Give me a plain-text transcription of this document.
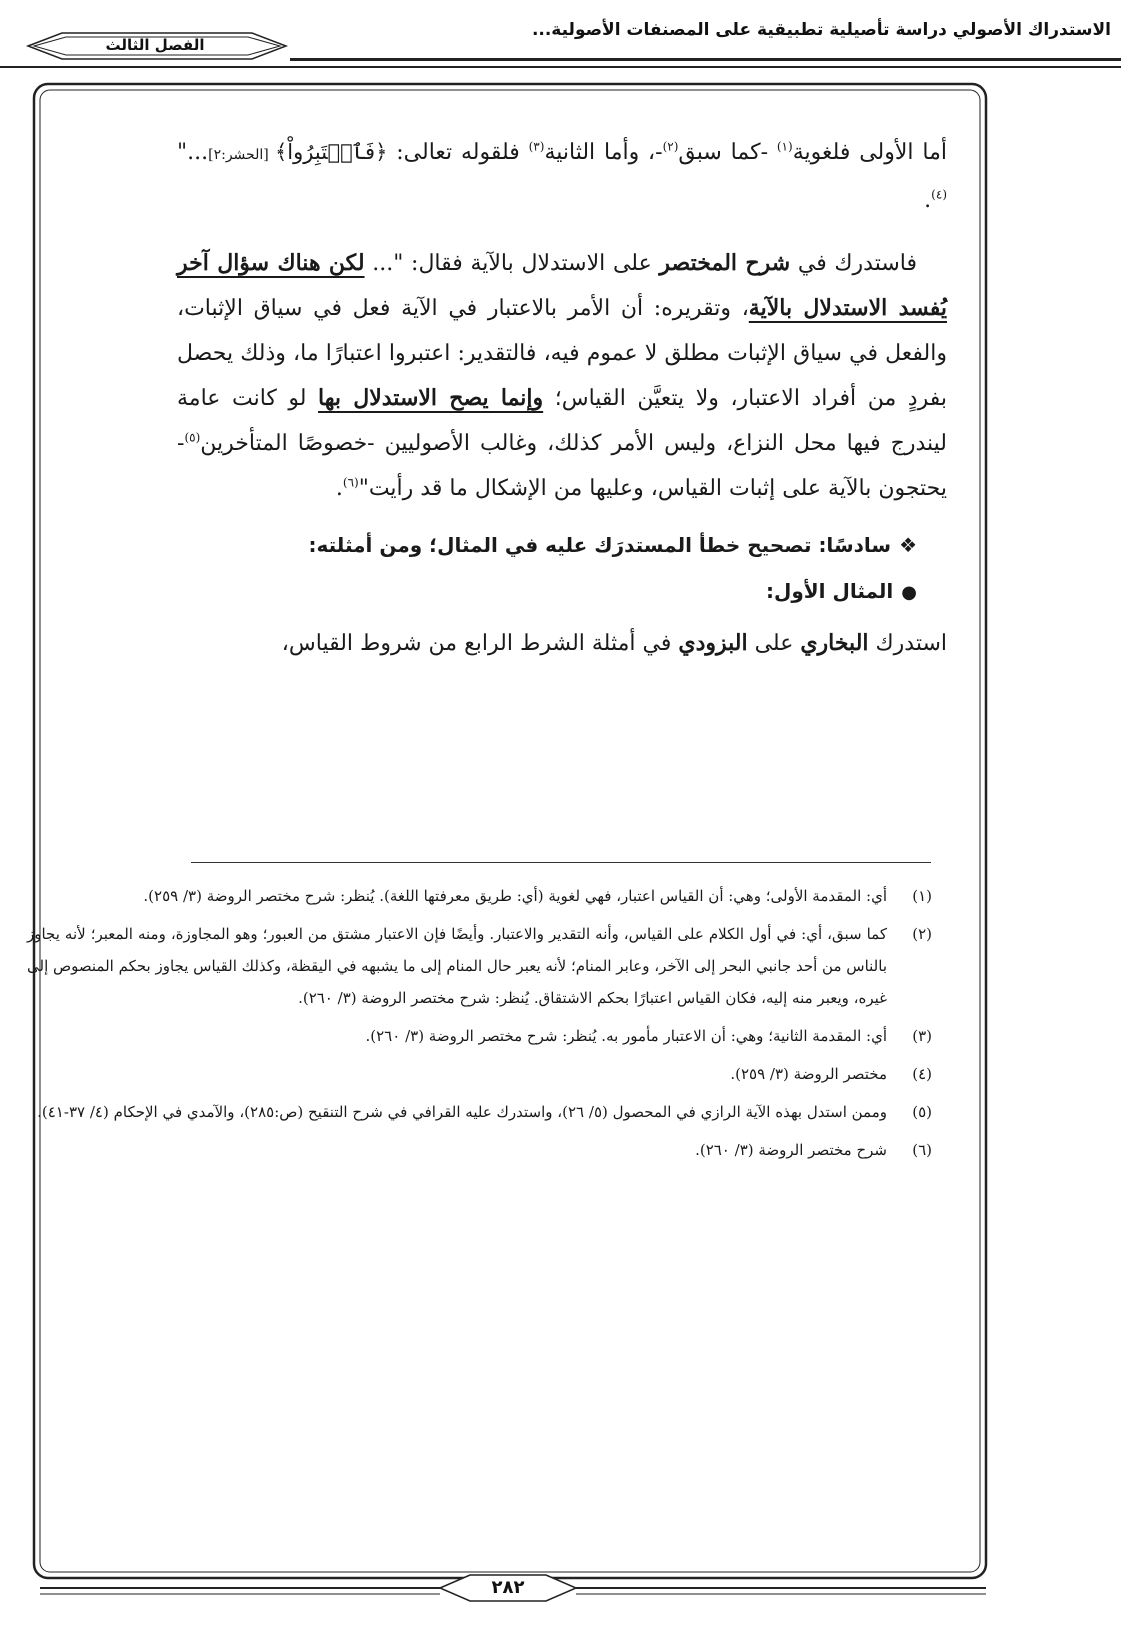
الاستدراك الأصولي دراسة تأصيلية تطبيقية على المصنفات الأصولية...
الفصل الثالث

أما الأولى فلغوية$^{(١)}$ -كما سبق$^{(٢)}$-، وأما الثانية$^{(٣)}$ فلقوله تعالى: ﴿فَٱعۡتَبِرُواْ﴾ [الحشر:٢]..."$^{(٤)}$.

فاستدرك في شرح المختصر على الاستدلال بالآية فقال: "... لكن هناك سؤال آخر يُفسد الاستدلال بالآية، وتقريره: أن الأمر بالاعتبار في الآية فعل في سياق الإثبات، والفعل في سياق الإثبات مطلق لا عموم فيه، فالتقدير: اعتبروا اعتبارًا ما، وذلك يحصل بفردٍ من أفراد الاعتبار، ولا يتعيَّن القياس؛ وإنما يصح الاستدلال بها لو كانت عامة ليندرج فيها محل النزاع، وليس الأمر كذلك، وغالب الأصوليين -خصوصًا المتأخرين$^{(٥)}$- يحتجون بالآية على إثبات القياس، وعليها من الإشكال ما قد رأيت"$^{(٦)}$.

❖سادسًا: تصحيح خطأ المستدرَك عليه في المثال؛ ومن أمثلته:

●المثال الأول:

استدرك البخاري على البزودي في أمثلة الشرط الرابع من شروط القياس،

(١)
أي: المقدمة الأولى؛ وهي: أن القياس اعتبار، فهي لغوية (أي: طريق معرفتها اللغة). يُنظر: شرح مختصر الروضة (٣/ ٢٥٩).
(٢)
كما سبق، أي: في أول الكلام على القياس، وأنه التقدير والاعتبار. وأيضًا فإن الاعتبار مشتق من العبور؛ وهو المجاوزة، ومنه المعبر؛ لأنه يجاوز بالناس من أحد جانبي البحر إلى الآخر، وعابر المنام؛ لأنه يعبر حال المنام إلى ما يشبهه في اليقظة، وكذلك القياس يجاوز بحكم المنصوص إلى غيره، ويعبر منه إليه، فكان القياس اعتبارًا بحكم الاشتقاق. يُنظر: شرح مختصر الروضة (٣/ ٢٦٠).
(٣)
أي: المقدمة الثانية؛ وهي: أن الاعتبار مأمور به. يُنظر: شرح مختصر الروضة (٣/ ٢٦٠).
(٤)
مختصر الروضة (٣/ ٢٥٩).
(٥)
وممن استدل بهذه الآية الرازي في المحصول (٥/ ٢٦)، واستدرك عليه القرافي في شرح التنقيح (ص:٢٨٥)، والآمدي في الإحكام (٤/ ٣٧-٤١).
(٦)
شرح مختصر الروضة (٣/ ٢٦٠).
٢٨٢
